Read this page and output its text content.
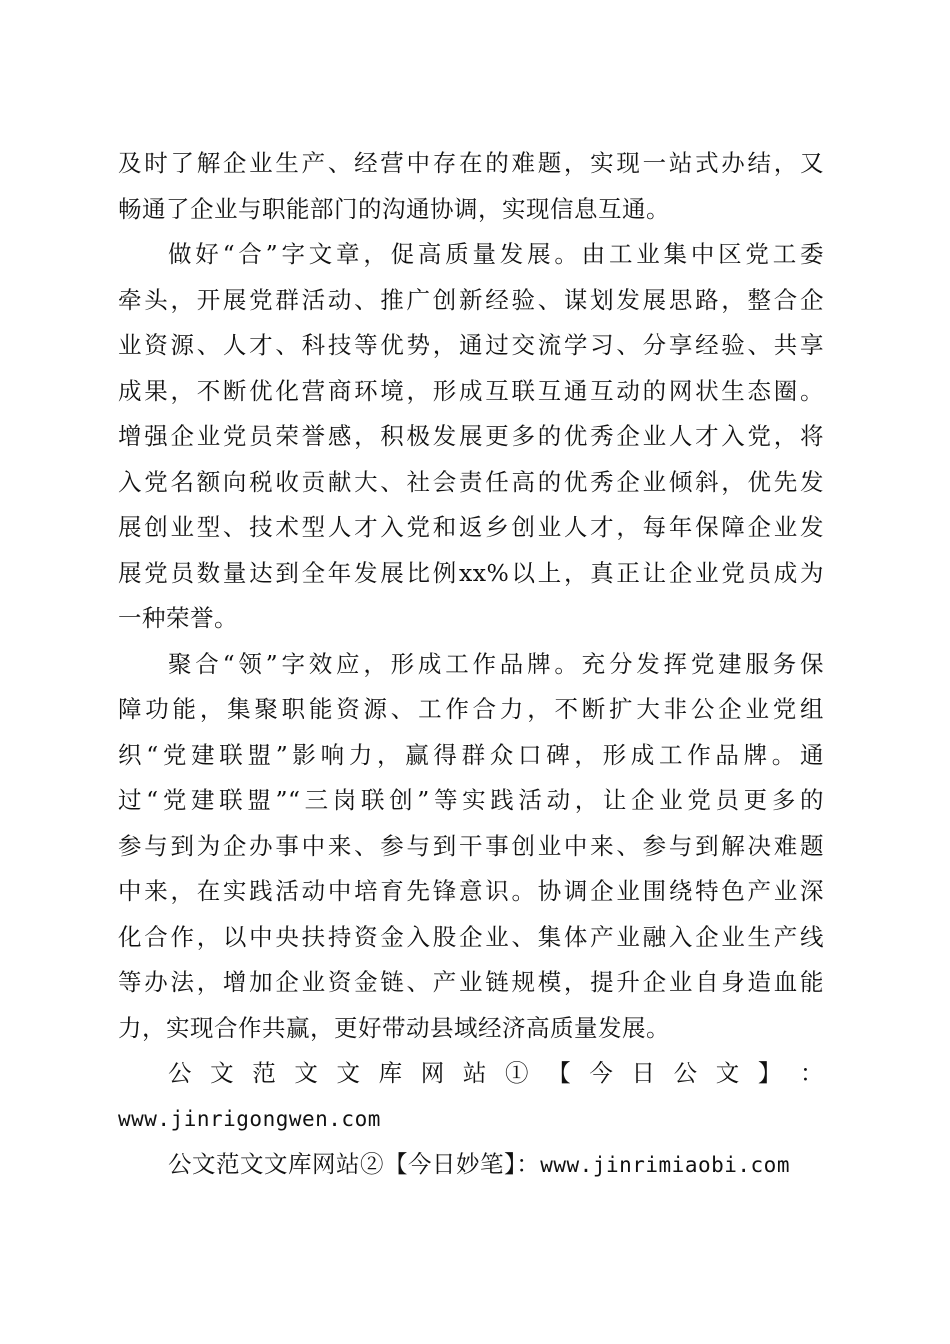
及时了解企业生产、经营中存在的难题，实现一站式办结，又
畅通了企业与职能部门的沟通协调，实现信息互通。
做好“合”字文章，促高质量发展。由工业集中区党工委
牵头，开展党群活动、推广创新经验、谋划发展思路，整合企
业资源、人才、科技等优势，通过交流学习、分享经验、共享
成果，不断优化营商环境，形成互联互通互动的网状生态圈。
增强企业党员荣誉感，积极发展更多的优秀企业人才入党，将
入党名额向税收贡献大、社会责任高的优秀企业倾斜，优先发
展创业型、技术型人才入党和返乡创业人才，每年保障企业发
展党员数量达到全年发展比例xx%以上，真正让企业党员成为
一种荣誉。
聚合“领”字效应，形成工作品牌。充分发挥党建服务保
障功能，集聚职能资源、工作合力，不断扩大非公企业党组
织“党建联盟”影响力，赢得群众口碑，形成工作品牌。通
过“党建联盟”“三岗联创”等实践活动，让企业党员更多的
参与到为企办事中来、参与到干事创业中来、参与到解决难题
中来，在实践活动中培育先锋意识。协调企业围绕特色产业深
化合作，以中央扶持资金入股企业、集体产业融入企业生产线
等办法，增加企业资金链、产业链规模，提升企业自身造血能
力，实现合作共赢，更好带动县域经济高质量发展。
公 文 范 文 文 库 网 站 ① 【 今 日 公 文 】 ：
www.jinrigongwen.com
公文范文文库网站②【今日妙笔】：www.jinrimiaobi.com
